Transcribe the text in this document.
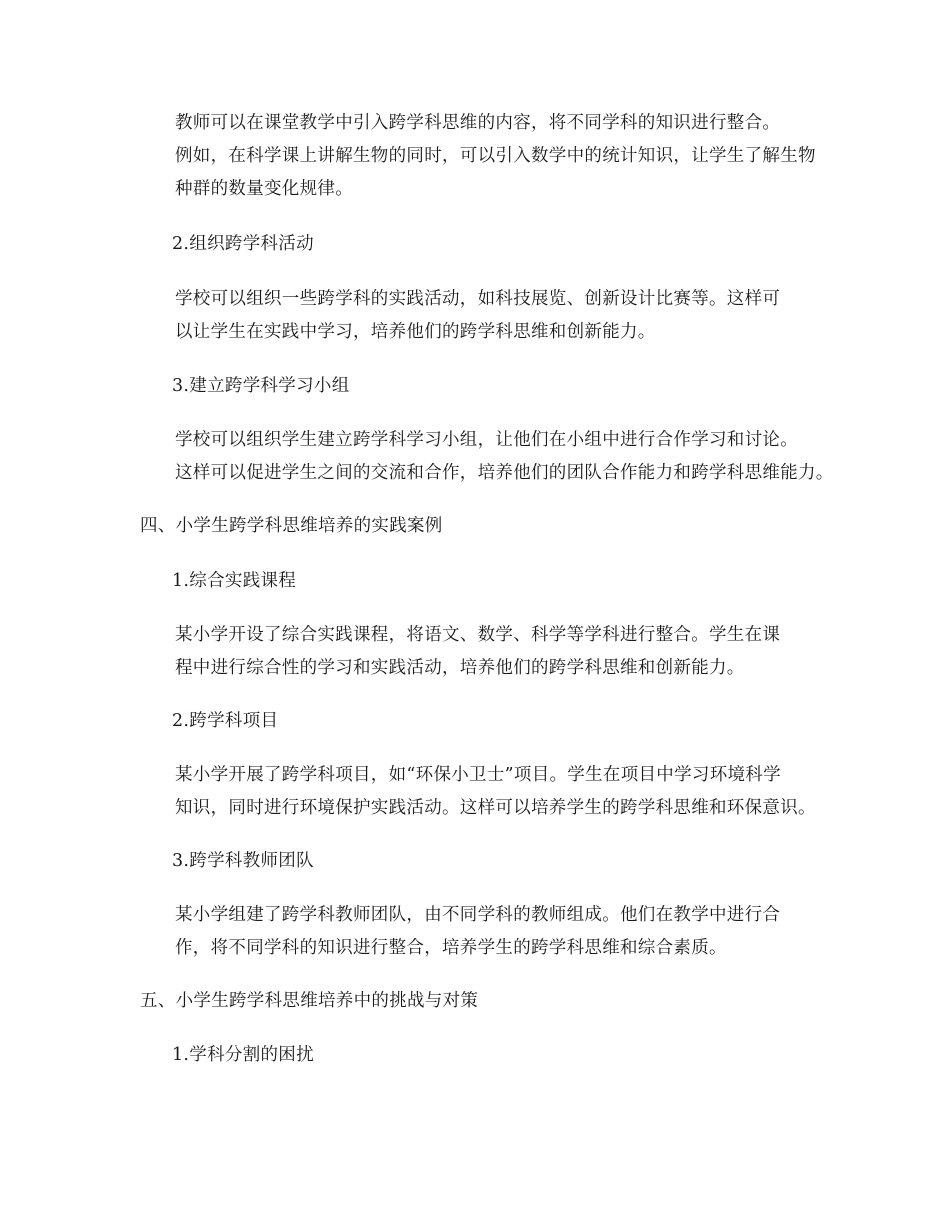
教师可以在课堂教学中引入跨学科思维的内容，将不同学科的知识进行整合。
例如，在科学课上讲解生物的同时，可以引入数学中的统计知识，让学生了解生物
种群的数量变化规律。
2.组织跨学科活动
学校可以组织一些跨学科的实践活动，如科技展览、创新设计比赛等。这样可
以让学生在实践中学习，培养他们的跨学科思维和创新能力。
3.建立跨学科学习小组
学校可以组织学生建立跨学科学习小组，让他们在小组中进行合作学习和讨论。
这样可以促进学生之间的交流和合作，培养他们的团队合作能力和跨学科思维能力。
四、小学生跨学科思维培养的实践案例
1.综合实践课程
某小学开设了综合实践课程，将语文、数学、科学等学科进行整合。学生在课
程中进行综合性的学习和实践活动，培养他们的跨学科思维和创新能力。
2.跨学科项目
某小学开展了跨学科项目，如“环保小卫士”项目。学生在项目中学习环境科学
知识，同时进行环境保护实践活动。这样可以培养学生的跨学科思维和环保意识。
3.跨学科教师团队
某小学组建了跨学科教师团队，由不同学科的教师组成。他们在教学中进行合
作，将不同学科的知识进行整合，培养学生的跨学科思维和综合素质。
五、小学生跨学科思维培养中的挑战与对策
1.学科分割的困扰
